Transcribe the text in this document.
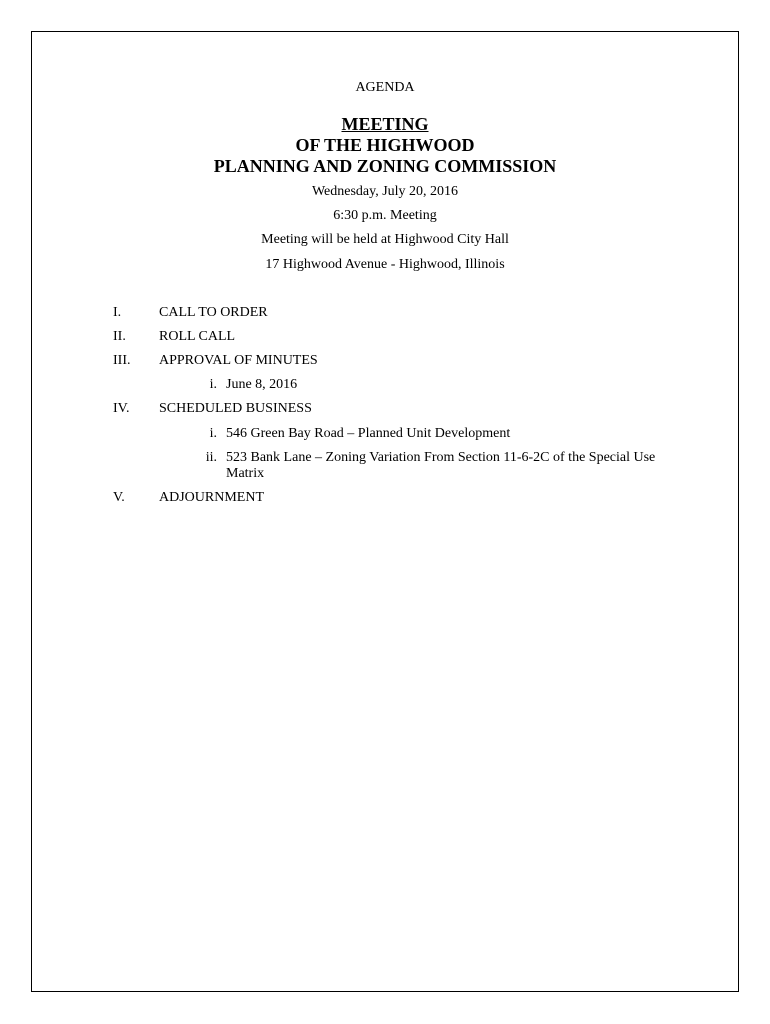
AGENDA
MEETING
OF THE HIGHWOOD
PLANNING AND ZONING COMMISSION
Wednesday, July 20, 2016
6:30 p.m. Meeting
Meeting will be held at Highwood City Hall
17 Highwood Avenue - Highwood, Illinois
I.	CALL TO ORDER
II. ROLL CALL
III. APPROVAL OF MINUTES
i. June 8, 2016
IV. SCHEDULED BUSINESS
i. 546 Green Bay Road – Planned Unit Development
ii. 523 Bank Lane – Zoning Variation From Section 11-6-2C of the Special Use Matrix
V. ADJOURNMENT
